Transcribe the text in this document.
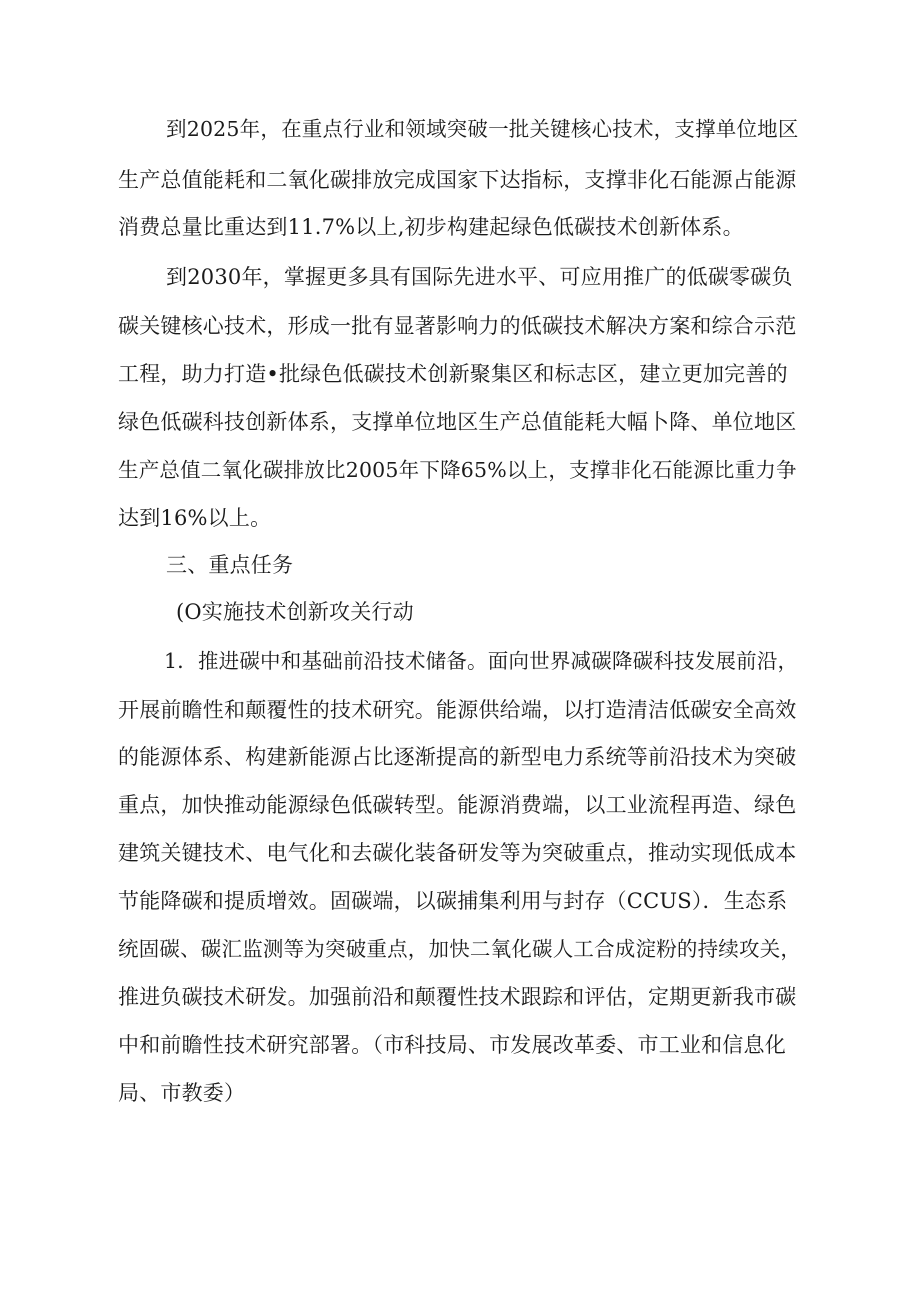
到2025年，在重点行业和领域突破一批关键核心技术，支撑单位地区

生产总值能耗和二氧化碳排放完成国家下达指标，支撑非化石能源占能源

消费总量比重达到11.7%以上,初步构建起绿色低碳技术创新体系。

到2030年，掌握更多具有国际先进水平、可应用推广的低碳零碳负

碳关键核心技术，形成一批有显著影响力的低碳技术解决方案和综合示范

工程，助力打造•批绿色低碳技术创新聚集区和标志区，建立更加完善的

绿色低碳科技创新体系，支撑单位地区生产总值能耗大幅卜降、单位地区

生产总值二氧化碳排放比2005年下降65%以上，支撑非化石能源比重力争

达到16%以上。

三、重点任务

(O实施技术创新攻关行动

1．推进碳中和基础前沿技术储备。面向世界减碳降碳科技发展前沿，

开展前瞻性和颠覆性的技术研究。能源供给端，以打造清洁低碳安全高效

的能源体系、构建新能源占比逐渐提高的新型电力系统等前沿技术为突破

重点，加快推动能源绿色低碳转型。能源消费端，以工业流程再造、绿色

建筑关键技术、电气化和去碳化装备研发等为突破重点，推动实现低成本

节能降碳和提质增效。固碳端，以碳捕集利用与封存（CCUS）．生态系

统固碳、碳汇监测等为突破重点，加快二氧化碳人工合成淀粉的持续攻关，

推进负碳技术研发。加强前沿和颠覆性技术跟踪和评估，定期更新我市碳

中和前瞻性技术研究部署。（市科技局、市发展改革委、市工业和信息化

局、市教委）
